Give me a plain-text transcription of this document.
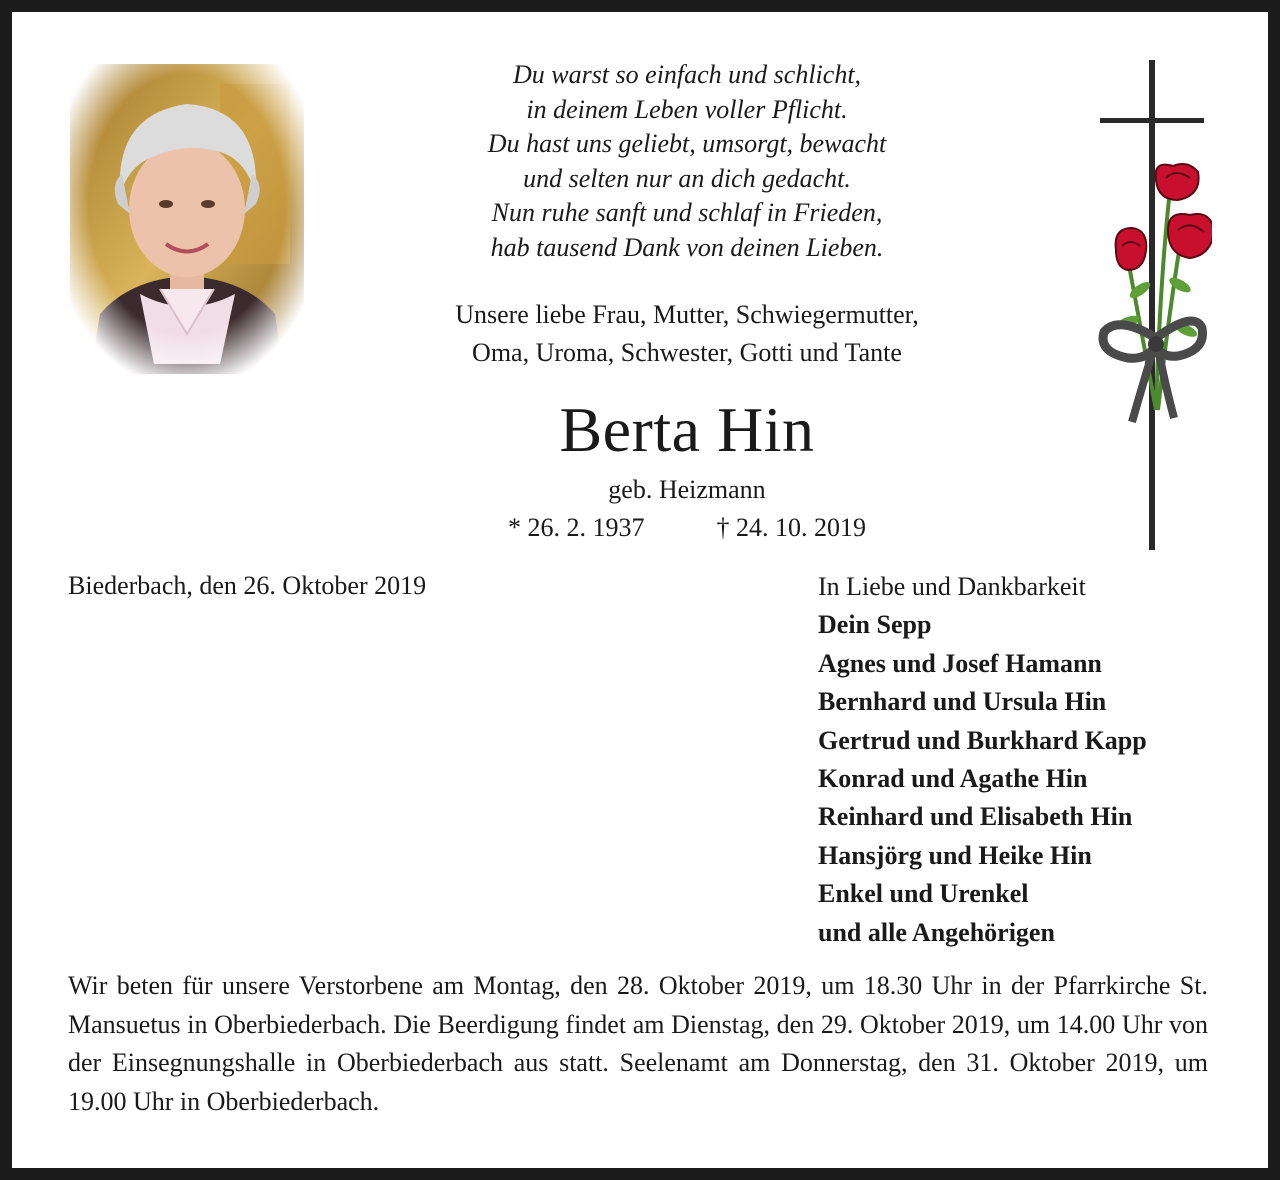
Du warst so einfach und schlicht,
in deinem Leben voller Pflicht.
Du hast uns geliebt, umsorgt, bewacht
und selten nur an dich gedacht.
Nun ruhe sanft und schlaf in Frieden,
hab tausend Dank von deinen Lieben.
Unsere liebe Frau, Mutter, Schwiegermutter,
Oma, Uroma, Schwester, Gotti und Tante
Berta Hin
geb. Heizmann
* 26. 2. 1937	† 24. 10. 2019
Biederbach, den 26. Oktober 2019	In Liebe und Dankbarkeit
Dein Sepp
Agnes und Josef Hamann
Bernhard und Ursula Hin
Gertrud und Burkhard Kapp
Konrad und Agathe Hin
Reinhard und Elisabeth Hin
Hansjörg und Heike Hin
Enkel und Urenkel
und alle Angehörigen
Wir beten für unsere Verstorbene am Montag, den 28. Oktober 2019, um 18.30 Uhr in der Pfarrkirche St. Mansuetus in Oberbiederbach. Die Beerdigung findet am Dienstag, den 29. Oktober 2019, um 14.00 Uhr von der Einsegnungshalle in Oberbiederbach aus statt. Seelenamt am Donnerstag, den 31. Oktober 2019, um 19.00 Uhr in Oberbiederbach.
